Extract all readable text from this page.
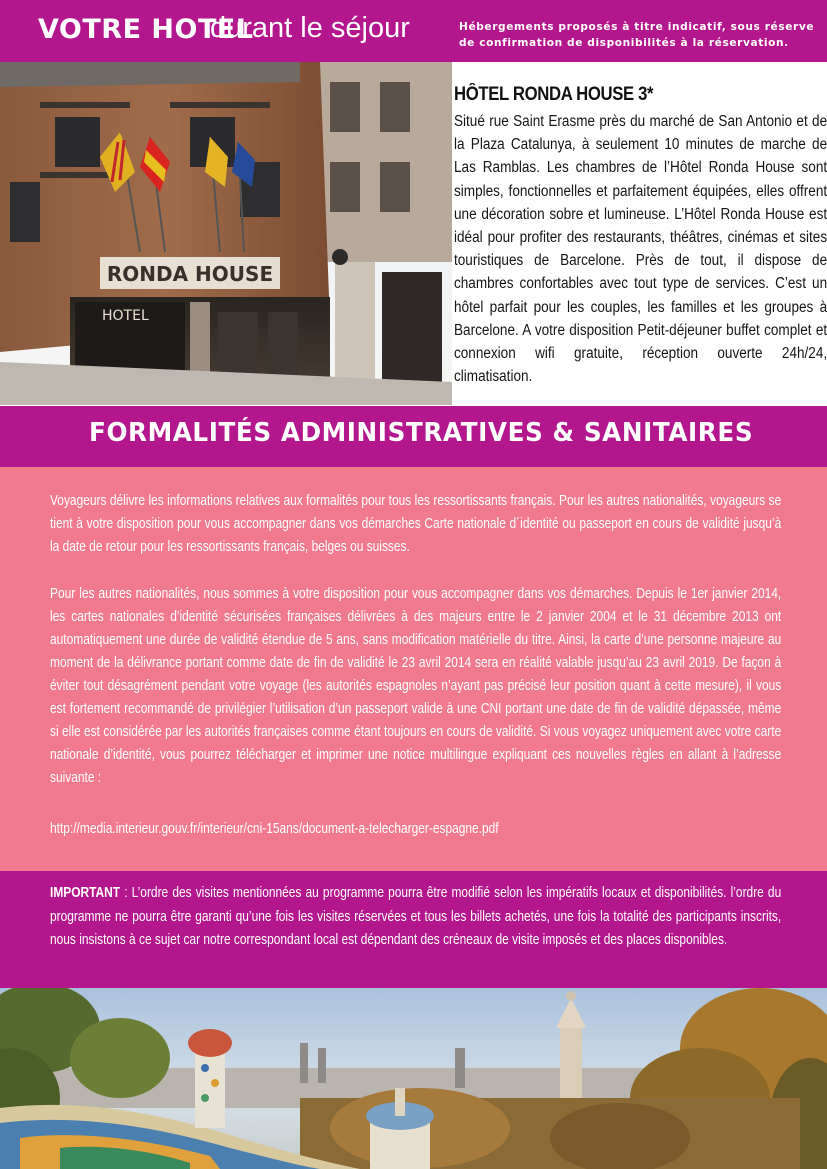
VOTRE HOTEL
durant le séjour	Hébergements proposés à titre indicatif, sous réserve de confirmation de disponibilités à la réservation.
RONDA HOUSE
HOTEL
HÔTEL RONDA HOUSE 3*

Situé rue Saint Erasme près du marché de San Antonio et de la Plaza Catalunya, à seulement 10 minutes de marche de Las Ramblas. Les chambres de l’Hôtel Ronda House sont simples, fonctionnelles et parfaitement équipées, elles offrent une décoration sobre et lumineuse. L’Hôtel Ronda House est idéal pour profiter des restaurants, théâtres, cinémas et sites touristiques de Barcelone. Près de tout, il dispose de chambres confortables avec tout type de services. C’est un hôtel parfait pour les couples, les familles et les groupes à Barcelone. A votre disposition Petit-déjeuner buffet complet et connexion wifi gratuite, réception ouverte 24h/24, climatisation.

FORMALITÉS ADMINISTRATIVES & SANITAIRES

Voyageurs délivre les informations relatives aux formalités pour tous les ressortissants français. Pour les autres nationalités, voyageurs se tient à votre disposition pour vous accompagner dans vos démarches Carte nationale d´identité ou passeport en cours de validité jusqu’à la date de retour pour les ressortissants français, belges ou suisses.

Pour les autres nationalités, nous sommes à votre disposition pour vous accompagner dans vos démarches. Depuis le 1er janvier 2014, les cartes nationales d’identité sécurisées françaises délivrées à des majeurs entre le 2 janvier 2004 et le 31 décembre 2013 ont automatiquement une durée de validité étendue de 5 ans, sans modification matérielle du titre. Ainsi, la carte d’une personne majeure au moment de la délivrance portant comme date de fin de validité le 23 avril 2014 sera en réalité valable jusqu’au 23 avril 2019. De façon à éviter tout désagrément pendant votre voyage (les autorités espagnoles n’ayant pas précisé leur position quant à cette mesure), il vous est fortement recommandé de privilégier l’utilisation d’un passeport valide à une CNI portant une date de fin de validité dépassée, même si elle est considérée par les autorités françaises comme étant toujours en cours de validité. Si vous voyagez uniquement avec votre carte nationale d’identité, vous pourrez télécharger et imprimer une notice multilingue expliquant ces nouvelles règles en allant à l’adresse suivante :

http://media.interieur.gouv.fr/interieur/cni-15ans/document-a-telecharger-espagne.pdf

IMPORTANT : L’ordre des visites mentionnées au programme pourra être modifié selon les impératifs locaux et disponibilités. l’ordre du programme ne pourra être garanti qu’une fois les visites réservées et tous les billets achetés, une fois la totalité des participants inscrits, nous insistons à ce sujet car notre correspondant local est dépendant des créneaux de visite imposés et des places disponibles.
